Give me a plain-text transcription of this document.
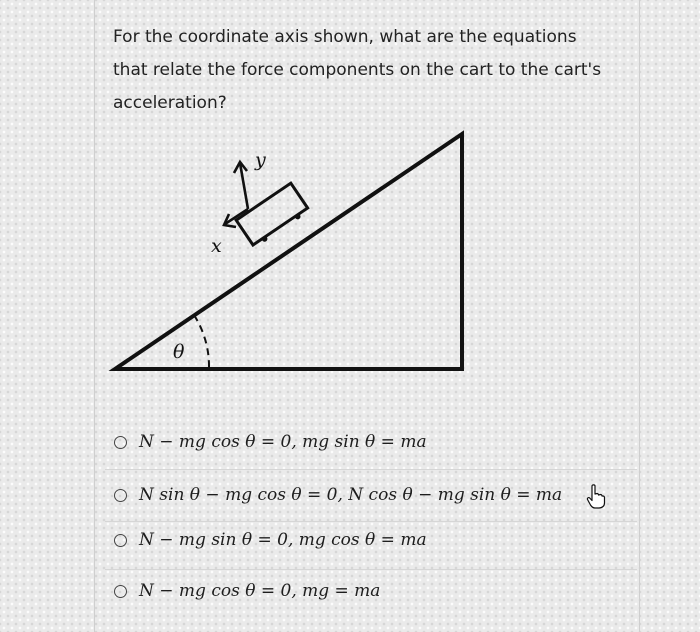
For the coordinate axis shown, what are the equations
that relate the force components on the cart to the cart's
acceleration?
y
x
θ
N − mg cos θ = 0, mg sin θ = ma
N sin θ − mg cos θ = 0, N cos θ − mg sin θ = ma
N − mg sin θ = 0, mg cos θ = ma
N − mg cos θ = 0, mg = ma
